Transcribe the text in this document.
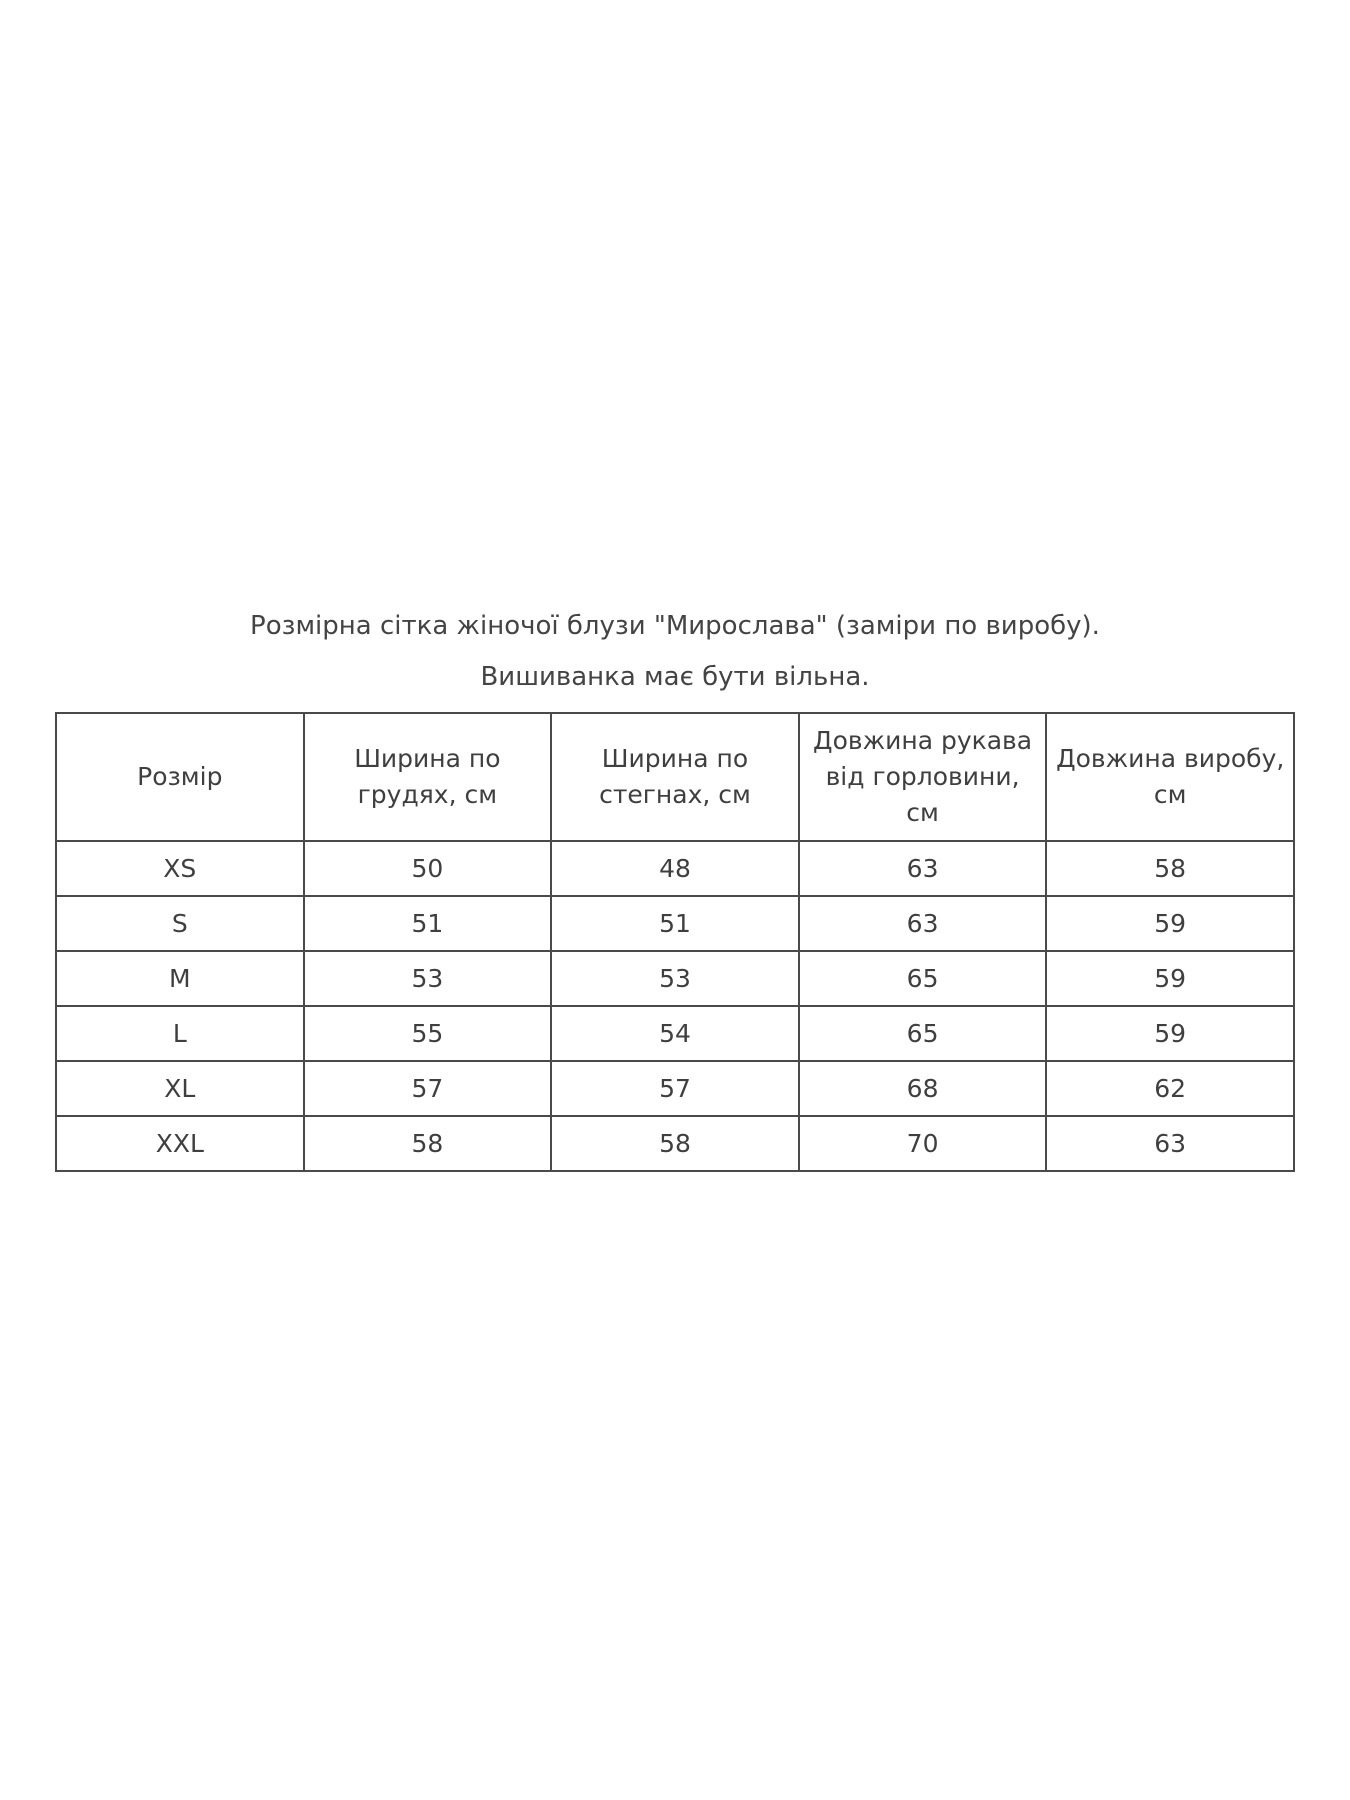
Розмірна сітка жіночої блузи "Мирослава" (заміри по виробу).
Вишиванка має бути вільна.
Розмір	Ширина по грудях, см	Ширина по стегнах, см	Довжина рукава від горловини, см	Довжина виробу, см
XS	50	48	63	58
S	51	51	63	59
M	53	53	65	59
L	55	54	65	59
XL	57	57	68	62
XXL	58	58	70	63
